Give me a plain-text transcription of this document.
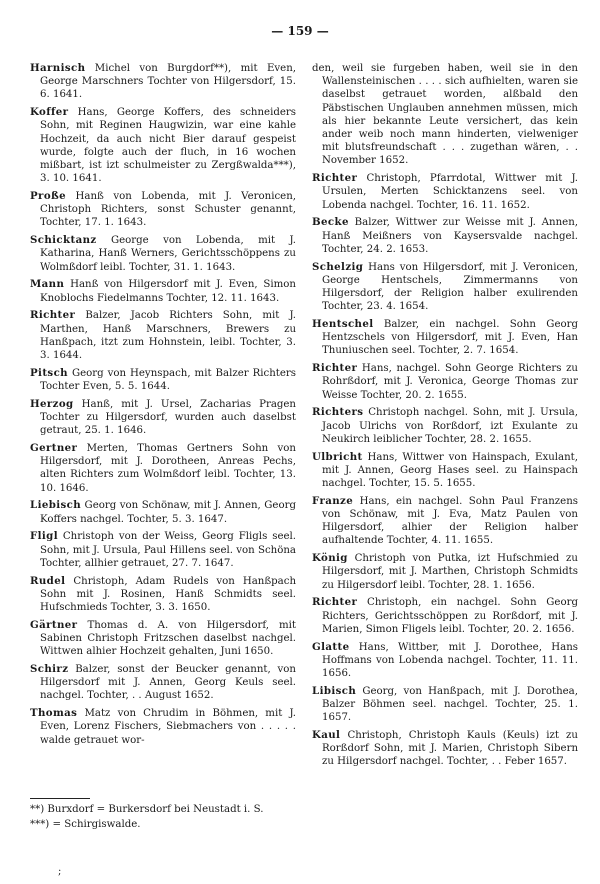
— 159 —

Harnisch Michel von Burgdorf**), mit Even, George Marschners Tochter von Hilgersdorf, 15. 6. 1641.

Koffer Hans, George Koffers, des schneiders Sohn, mit Reginen Haugwizin, war eine kahle Hochzeit, da auch nicht Bier darauf gespeist wurde, folgte auch der fluch, in 16 wochen mißbart, ist izt schulmeister zu Zergßwalda***), 3. 10. 1641.

Proße Hanß von Lobenda, mit J. Veronicen, Christoph Richters, sonst Schuster genannt, Tochter, 17. 1. 1643.

Schicktanz George von Lobenda, mit J. Katharina, Hanß Werners, Gerichtsschöppens zu Wolmßdorf leibl. Tochter, 31. 1. 1643.

Mann Hanß von Hilgersdorf mit J. Even, Simon Knoblochs Fiedelmanns Tochter, 12. 11. 1643.

Richter Balzer, Jacob Richters Sohn, mit J. Marthen, Hanß Marschners, Brewers zu Hanßpach, itzt zum Hohnstein, leibl. Tochter, 3. 3. 1644.

Pitsch Georg von Heynspach, mit Balzer Richters Tochter Even, 5. 5. 1644.

Herzog Hanß, mit J. Ursel, Zacharias Pragen Tochter zu Hilgersdorf, wurden auch daselbst getraut, 25. 1. 1646.

Gertner Merten, Thomas Gertners Sohn von Hilgersdorf, mit J. Dorotheen, Anreas Pechs, alten Richters zum Wolmßdorf leibl. Tochter, 13. 10. 1646.

Liebisch Georg von Schönaw, mit J. Annen, Georg Koffers nachgel. Tochter, 5. 3. 1647.

Fligl Christoph von der Weiss, Georg Fligls seel. Sohn, mit J. Ursula, Paul Hillens seel. von Schöna Tochter, allhier getrauet, 27. 7. 1647.

Rudel Christoph, Adam Rudels von Hanßpach Sohn mit J. Rosinen, Hanß Schmidts seel. Hufschmieds Tochter, 3. 3. 1650.

Gärtner Thomas d. A. von Hilgersdorf, mit Sabinen Christoph Fritzschen daselbst nachgel. Wittwen alhier Hochzeit gehalten, Juni 1650.

Schirz Balzer, sonst der Beucker genannt, von Hilgersdorf mit J. Annen, Georg Keuls seel. nachgel. Tochter, . . August 1652.

Thomas Matz von Chrudim in Böhmen, mit J. Even, Lorenz Fischers, Siebmachers von . . . . . walde getrauet wor-

den, weil sie furgeben haben, weil sie in den Wallensteinischen . . . . sich aufhielten, waren sie daselbst getrauet worden, alßbald den Päbstischen Unglauben annehmen müssen, mich als hier bekannte Leute versichert, das kein ander weib noch mann hinderten, vielweniger mit blutsfreundschaft . . . zugethan wären, . . November 1652.

Richter Christoph, Pfarrdotal, Wittwer mit J. Ursulen, Merten Schicktanzens seel. von Lobenda nachgel. Tochter, 16. 11. 1652.

Becke Balzer, Wittwer zur Weisse mit J. Annen, Hanß Meißners von Kaysersvalde nachgel. Tochter, 24. 2. 1653.

Schelzig Hans von Hilgersdorf, mit J. Veronicen, George Hentschels, Zimmermanns von Hilgersdorf, der Religion halber exulirenden Tochter, 23. 4. 1654.

Hentschel Balzer, ein nachgel. Sohn Georg Hentzschels von Hilgersdorf, mit J. Even, Han Thuniuschen seel. Tochter, 2. 7. 1654.

Richter Hans, nachgel. Sohn George Richters zu Rohrßdorf, mit J. Veronica, George Thomas zur Weisse Tochter, 20. 2. 1655.

Richters Christoph nachgel. Sohn, mit J. Ursula, Jacob Ulrichs von Rorßdorf, izt Exulante zu Neukirch leiblicher Tochter, 28. 2. 1655.

Ulbricht Hans, Wittwer von Hainspach, Exulant, mit J. Annen, Georg Hases seel. zu Hainspach nachgel. Tochter, 15. 5. 1655.

Franze Hans, ein nachgel. Sohn Paul Franzens von Schönaw, mit J. Eva, Matz Paulen von Hilgersdorf, alhier der Religion halber aufhaltende Tochter, 4. 11. 1655.

König Christoph von Putka, izt Hufschmied zu Hilgersdorf, mit J. Marthen, Christoph Schmidts zu Hilgersdorf leibl. Tochter, 28. 1. 1656.

Richter Christoph, ein nachgel. Sohn Georg Richters, Gerichtsschöppen zu Rorßdorf, mit J. Marien, Simon Fligels leibl. Tochter, 20. 2. 1656.

Glatte Hans, Wittber, mit J. Dorothee, Hans Hoffmans von Lobenda nachgel. Tochter, 11. 11. 1656.

Libisch Georg, von Hanßpach, mit J. Dorothea, Balzer Böhmen seel. nachgel. Tochter, 25. 1. 1657.

Kaul Christoph, Christoph Kauls (Keuls) izt zu Rorßdorf Sohn, mit J. Marien, Christoph Sibern zu Hilgersdorf nachgel. Tochter, . . Feber 1657.

**) Burxdorf = Burkersdorf bei Neustadt i. S.
***) = Schirgiswalde.
;
